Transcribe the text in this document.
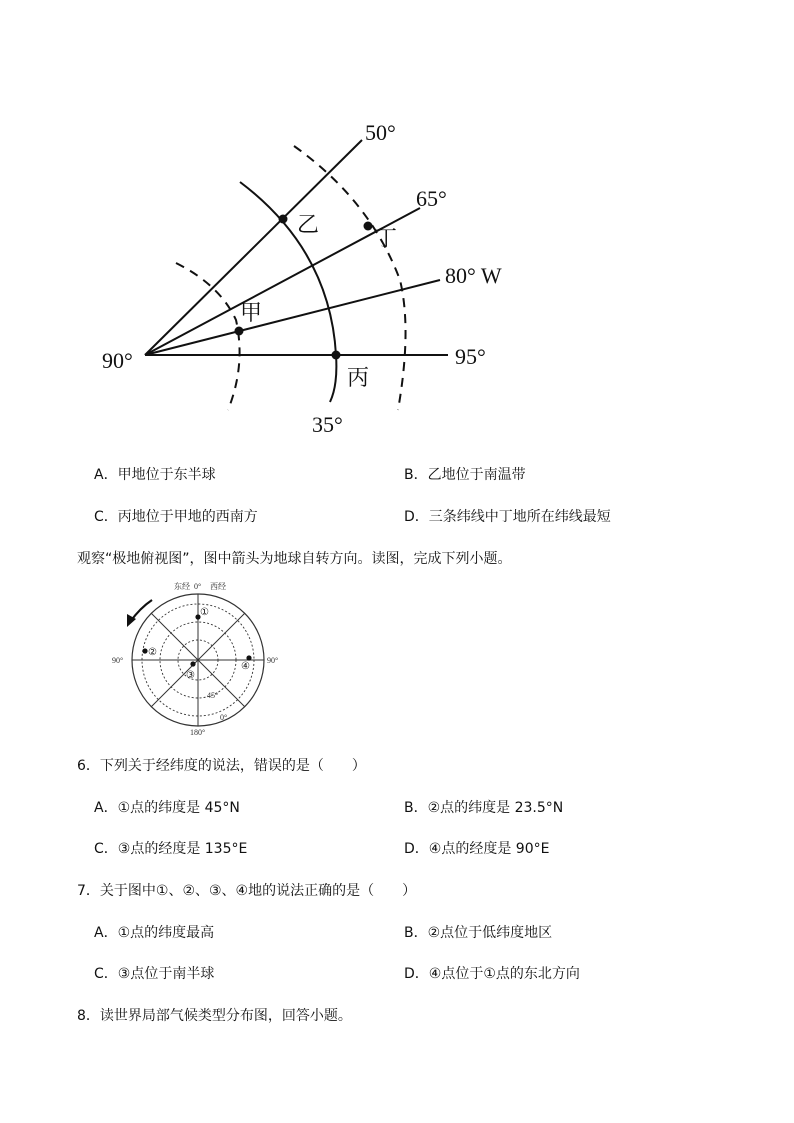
50°
65°
80° W
95°
90°
35°
乙
丁
甲
丙
A．甲地位于东半球	B．乙地位于南温带
C．丙地位于甲地的西南方	D．三条纬线中丁地所在纬线最短
观察“极地俯视图”，图中箭头为地球自转方向。读图，完成下列小题。
东经 0° 西经
90°	90°
180°
45°
0°
①
②
③
④
6．下列关于经纬度的说法，错误的是（　　）
A．①点的纬度是 45°N	B．②点的纬度是 23.5°N
C．③点的经度是 135°E	D．④点的经度是 90°E
7．关于图中①、②、③、④地的说法正确的是（　　）
A．①点的纬度最高	B．②点位于低纬度地区
C．③点位于南半球	D．④点位于①点的东北方向
8．读世界局部气候类型分布图，回答小题。
